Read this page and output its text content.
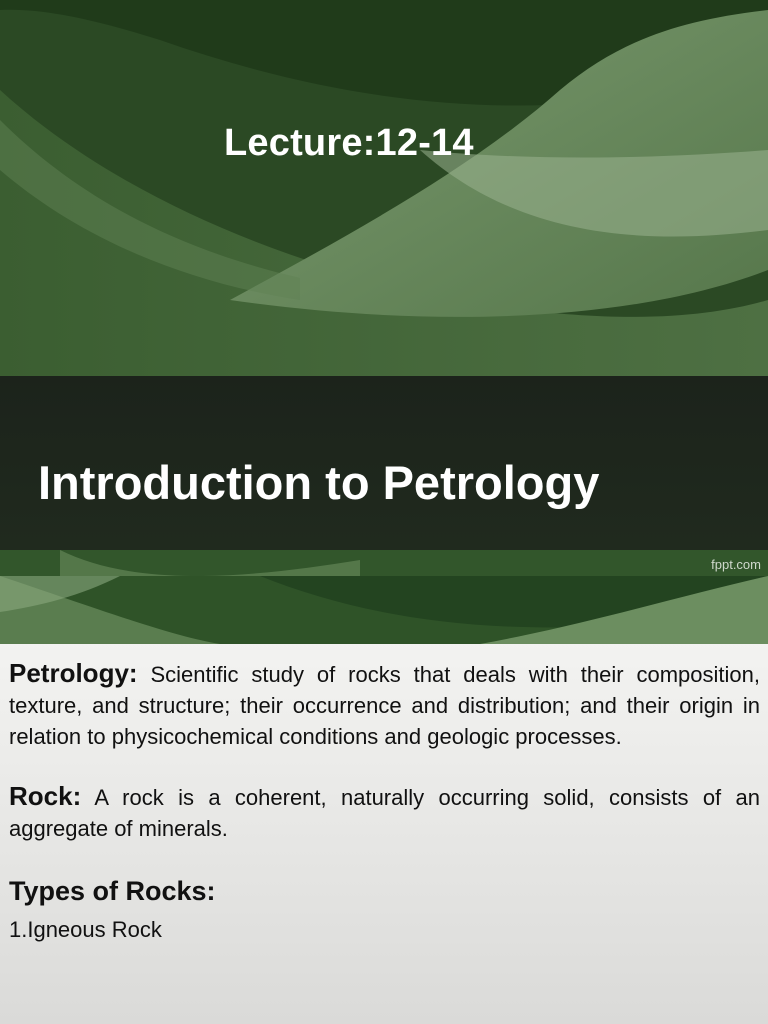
Lecture:12-14
Introduction to Petrology
fppt.com

Petrology: Scientific study of rocks that deals with their composition, texture, and structure; their occurrence and distribution; and their origin in relation to physicochemical conditions and geologic processes.

Rock: A rock is a coherent, naturally occurring solid, consists of an aggregate of minerals.

Types of Rocks:
1.Igneous Rock
